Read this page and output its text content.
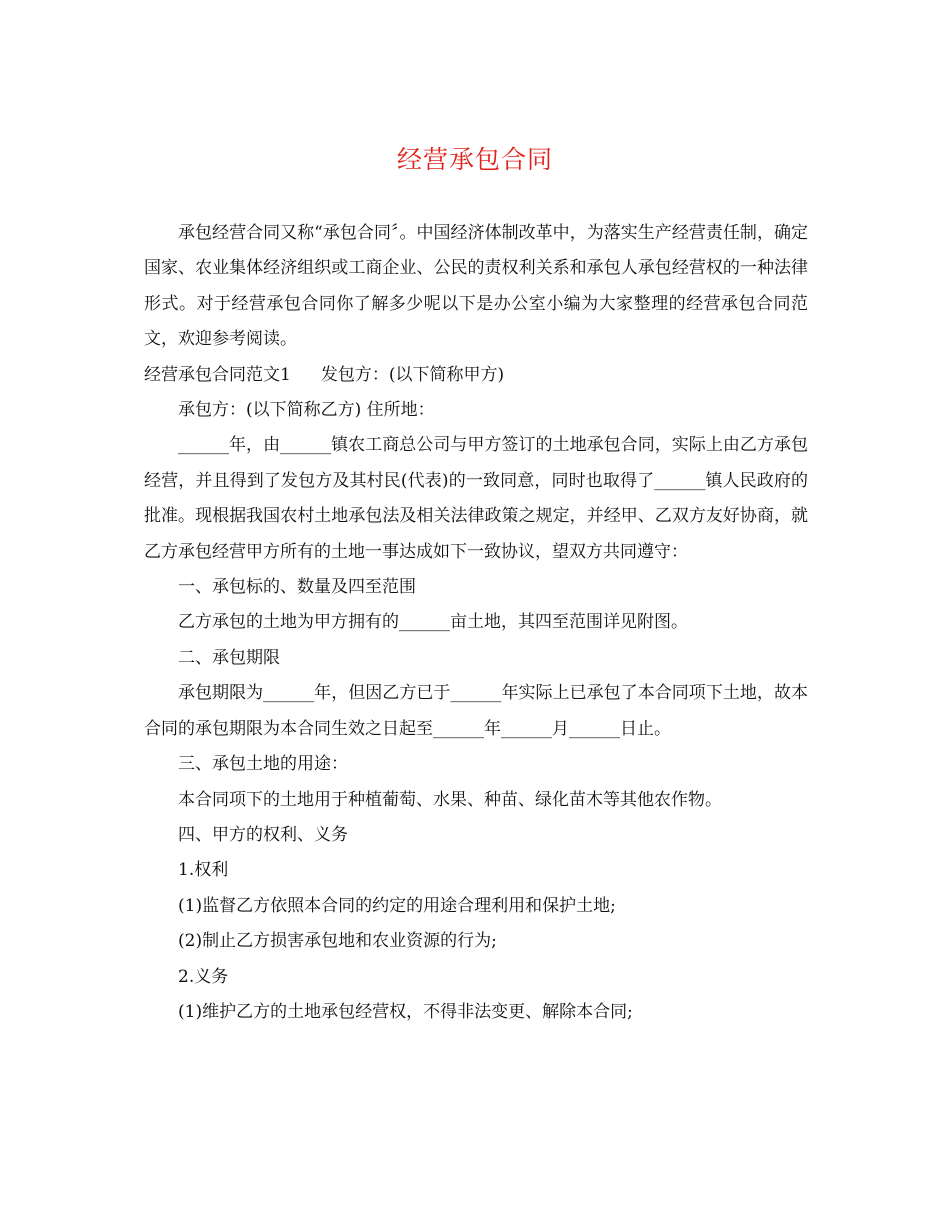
经营承包合同

承包经营合同又称“承包合同〞。中国经济体制改革中，为落实生产经营责任制，确定国家、农业集体经济组织或工商企业、公民的责权利关系和承包人承包经营权的一种法律形式。对于经营承包合同你了解多少呢以下是办公室小编为大家整理的经营承包合同范文，欢迎参考阅读。

经营承包合同范文1 发包方：(以下简称甲方)

承包方：(以下简称乙方) 住所地：

______年，由______镇农工商总公司与甲方签订的土地承包合同，实际上由乙方承包经营，并且得到了发包方及其村民(代表)的一致同意，同时也取得了______镇人民政府的批准。现根据我国农村土地承包法及相关法律政策之规定，并经甲、乙双方友好协商，就乙方承包经营甲方所有的土地一事达成如下一致协议，望双方共同遵守：

一、承包标的、数量及四至范围

乙方承包的土地为甲方拥有的______亩土地，其四至范围详见附图。

二、承包期限

承包期限为______年，但因乙方已于______年实际上已承包了本合同项下土地，故本合同的承包期限为本合同生效之日起至______年______月______日止。

三、承包土地的用途：

本合同项下的土地用于种植葡萄、水果、种苗、绿化苗木等其他农作物。

四、甲方的权利、义务

1.权利

(1)监督乙方依照本合同的约定的用途合理利用和保护土地;

(2)制止乙方损害承包地和农业资源的行为;

2.义务

(1)维护乙方的土地承包经营权，不得非法变更、解除本合同;
